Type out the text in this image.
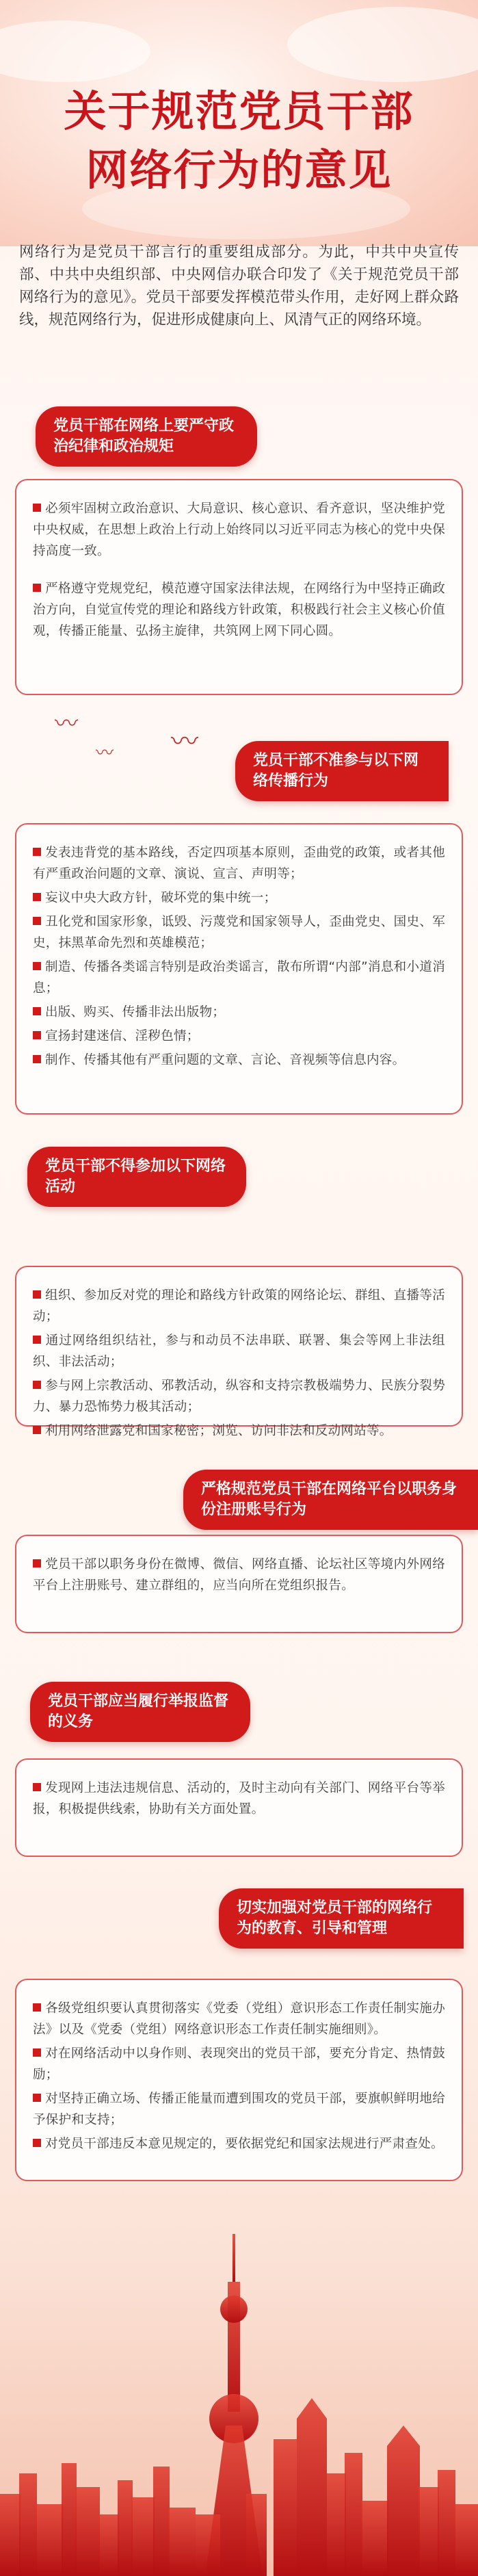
关于规范党员干部
网络行为的意见

网络行为是党员干部言行的重要组成部分。为此，中共中央宣传部、中共中央组织部、中央网信办联合印发了《关于规范党员干部网络行为的意见》。党员干部要发挥模范带头作用，走好网上群众路线，规范网络行为，促进形成健康向上、风清气正的网络环境。

党员干部在网络上要严守政治纪律和政治规矩
必须牢固树立政治意识、大局意识、核心意识、看齐意识，坚决维护党中央权威，在思想上政治上行动上始终同以习近平同志为核心的党中央保持高度一致。
严格遵守党规党纪，模范遵守国家法律法规，在网络行为中坚持正确政治方向，自觉宣传党的理论和路线方针政策，积极践行社会主义核心价值观，传播正能量、弘扬主旋律，共筑网上网下同心圆。
〰
〰 〰
党员干部不准参与以下网络传播行为
发表违背党的基本路线，否定四项基本原则，歪曲党的政策，或者其他有严重政治问题的文章、演说、宣言、声明等；
妄议中央大政方针，破坏党的集中统一；
丑化党和国家形象，诋毁、污蔑党和国家领导人，歪曲党史、国史、军史，抹黑革命先烈和英雄模范；
制造、传播各类谣言特别是政治类谣言，散布所谓“内部”消息和小道消息；
出版、购买、传播非法出版物；
宣扬封建迷信、淫秽色情；
制作、传播其他有严重问题的文章、言论、音视频等信息内容。
党员干部不得参加以下网络活动
组织、参加反对党的理论和路线方针政策的网络论坛、群组、直播等活动；
通过网络组织结社，参与和动员不法串联、联署、集会等网上非法组织、非法活动；
参与网上宗教活动、邪教活动，纵容和支持宗教极端势力、民族分裂势力、暴力恐怖势力极其活动；
利用网络泄露党和国家秘密；浏览、访问非法和反动网站等。
严格规范党员干部在网络平台以职务身份注册账号行为
党员干部以职务身份在微博、微信、网络直播、论坛社区等境内外网络平台上注册账号、建立群组的，应当向所在党组织报告。
党员干部应当履行举报监督的义务
发现网上违法违规信息、活动的，及时主动向有关部门、网络平台等举报，积极提供线索，协助有关方面处置。
切实加强对党员干部的网络行为的教育、引导和管理
各级党组织要认真贯彻落实《党委（党组）意识形态工作责任制实施办法》以及《党委（党组）网络意识形态工作责任制实施细则》。
对在网络活动中以身作则、表现突出的党员干部，要充分肯定、热情鼓励；
对坚持正确立场、传播正能量而遭到围攻的党员干部，要旗帜鲜明地给予保护和支持；
对党员干部违反本意见规定的，要依据党纪和国家法规进行严肃查处。
